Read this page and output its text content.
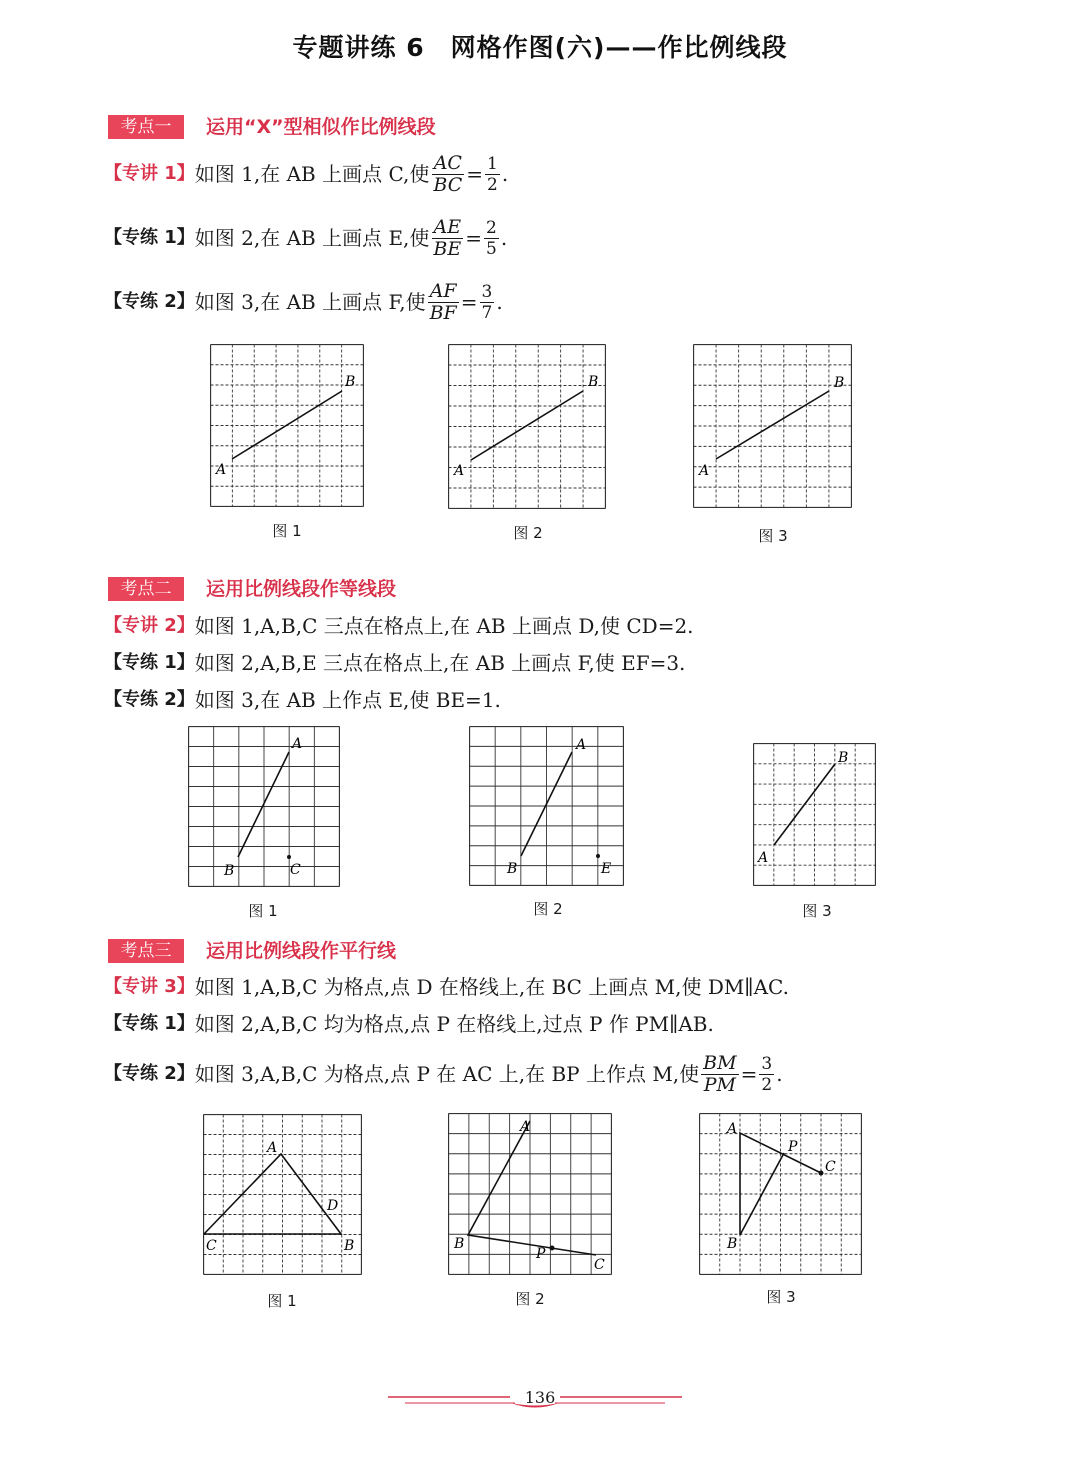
专题讲练 6　网格作图(六)——作比例线段
考点一	运用“X”型相似作比例线段
【专讲 1】 如图 1,在 AB 上画点 C,使 $\frac{AC}{BC} = \frac{1}{2}$ .
【专练 1】 如图 2,在 AB 上画点 E,使 $\frac{AE}{BE} = \frac{2}{5}$ .
【专练 2】 如图 3,在 AB 上画点 F,使 $\frac{AF}{BF} = \frac{3}{7}$ .
A
B
图 1
A
B
图 2
A
B
图 3
考点二	运用比例线段作等线段
【专讲 2】 如图 1,A,B,C 三点在格点上,在 AB 上画点 D,使 CD=2.
【专练 1】 如图 2,A,B,E 三点在格点上,在 AB 上画点 F,使 EF=3.
【专练 2】 如图 3,在 AB 上作点 E,使 BE=1.
A
B	C
图 1
A
B	E
图 2
A
B
图 3
考点三	运用比例线段作平行线
【专讲 3】 如图 1,A,B,C 为格点,点 D 在格线上,在 BC 上画点 M,使 DM∥AC.
【专练 1】 如图 2,A,B,C 均为格点,点 P 在格线上,过点 P 作 PM∥AB.
【专练 2】 如图 3,A,B,C 为格点,点 P 在 AC 上,在 BP 上作点 M,使 $\frac{BM}{PM} = \frac{3}{2}$ .
A
C	B
D
图 1
A
B
P
C
图 2
A
P
C
B
图 3
136
